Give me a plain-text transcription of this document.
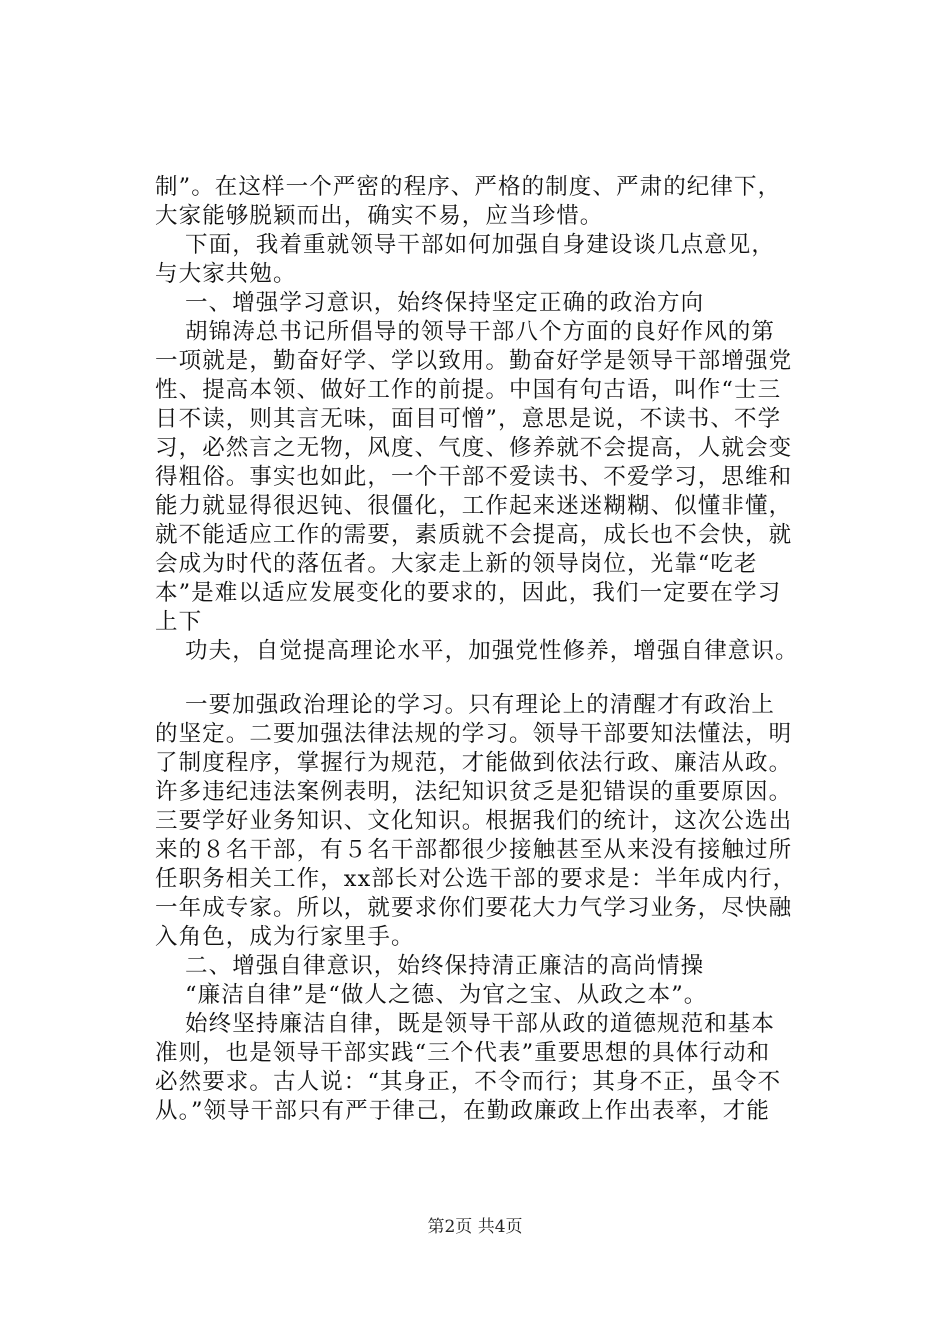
制”。在这样一个严密的程序、严格的制度、严肃的纪律下，
大家能够脱颖而出，确实不易，应当珍惜。
下面，我着重就领导干部如何加强自身建设谈几点意见，
与大家共勉。
一、增强学习意识，始终保持坚定正确的政治方向
胡锦涛总书记所倡导的领导干部八个方面的良好作风的第
一项就是，勤奋好学、学以致用。勤奋好学是领导干部增强党
性、提高本领、做好工作的前提。中国有句古语，叫作“士三
日不读，则其言无味，面目可憎”，意思是说，不读书、不学
习，必然言之无物，风度、气度、修养就不会提高，人就会变
得粗俗。事实也如此，一个干部不爱读书、不爱学习，思维和
能力就显得很迟钝、很僵化，工作起来迷迷糊糊、似懂非懂，
就不能适应工作的需要，素质就不会提高，成长也不会快，就
会成为时代的落伍者。大家走上新的领导岗位，光靠“吃老
本”是难以适应发展变化的要求的，因此，我们一定要在学习
上下
功夫，自觉提高理论水平，加强党性修养，增强自律意识。
一要加强政治理论的学习。只有理论上的清醒才有政治上
的坚定。二要加强法律法规的学习。领导干部要知法懂法，明
了制度程序，掌握行为规范，才能做到依法行政、廉洁从政。
许多违纪违法案例表明，法纪知识贫乏是犯错误的重要原因。
三要学好业务知识、文化知识。根据我们的统计，这次公选出
来的８名干部，有５名干部都很少接触甚至从来没有接触过所
任职务相关工作，xx部长对公选干部的要求是：半年成内行，
一年成专家。所以，就要求你们要花大力气学习业务，尽快融
入角色，成为行家里手。
二、增强自律意识，始终保持清正廉洁的高尚情操
“廉洁自律”是“做人之德、为官之宝、从政之本”。
始终坚持廉洁自律，既是领导干部从政的道德规范和基本
准则，也是领导干部实践“三个代表”重要思想的具体行动和
必然要求。古人说：“其身正，不令而行；其身不正，虽令不
从。”领导干部只有严于律己，在勤政廉政上作出表率，才能
第2页 共4页
